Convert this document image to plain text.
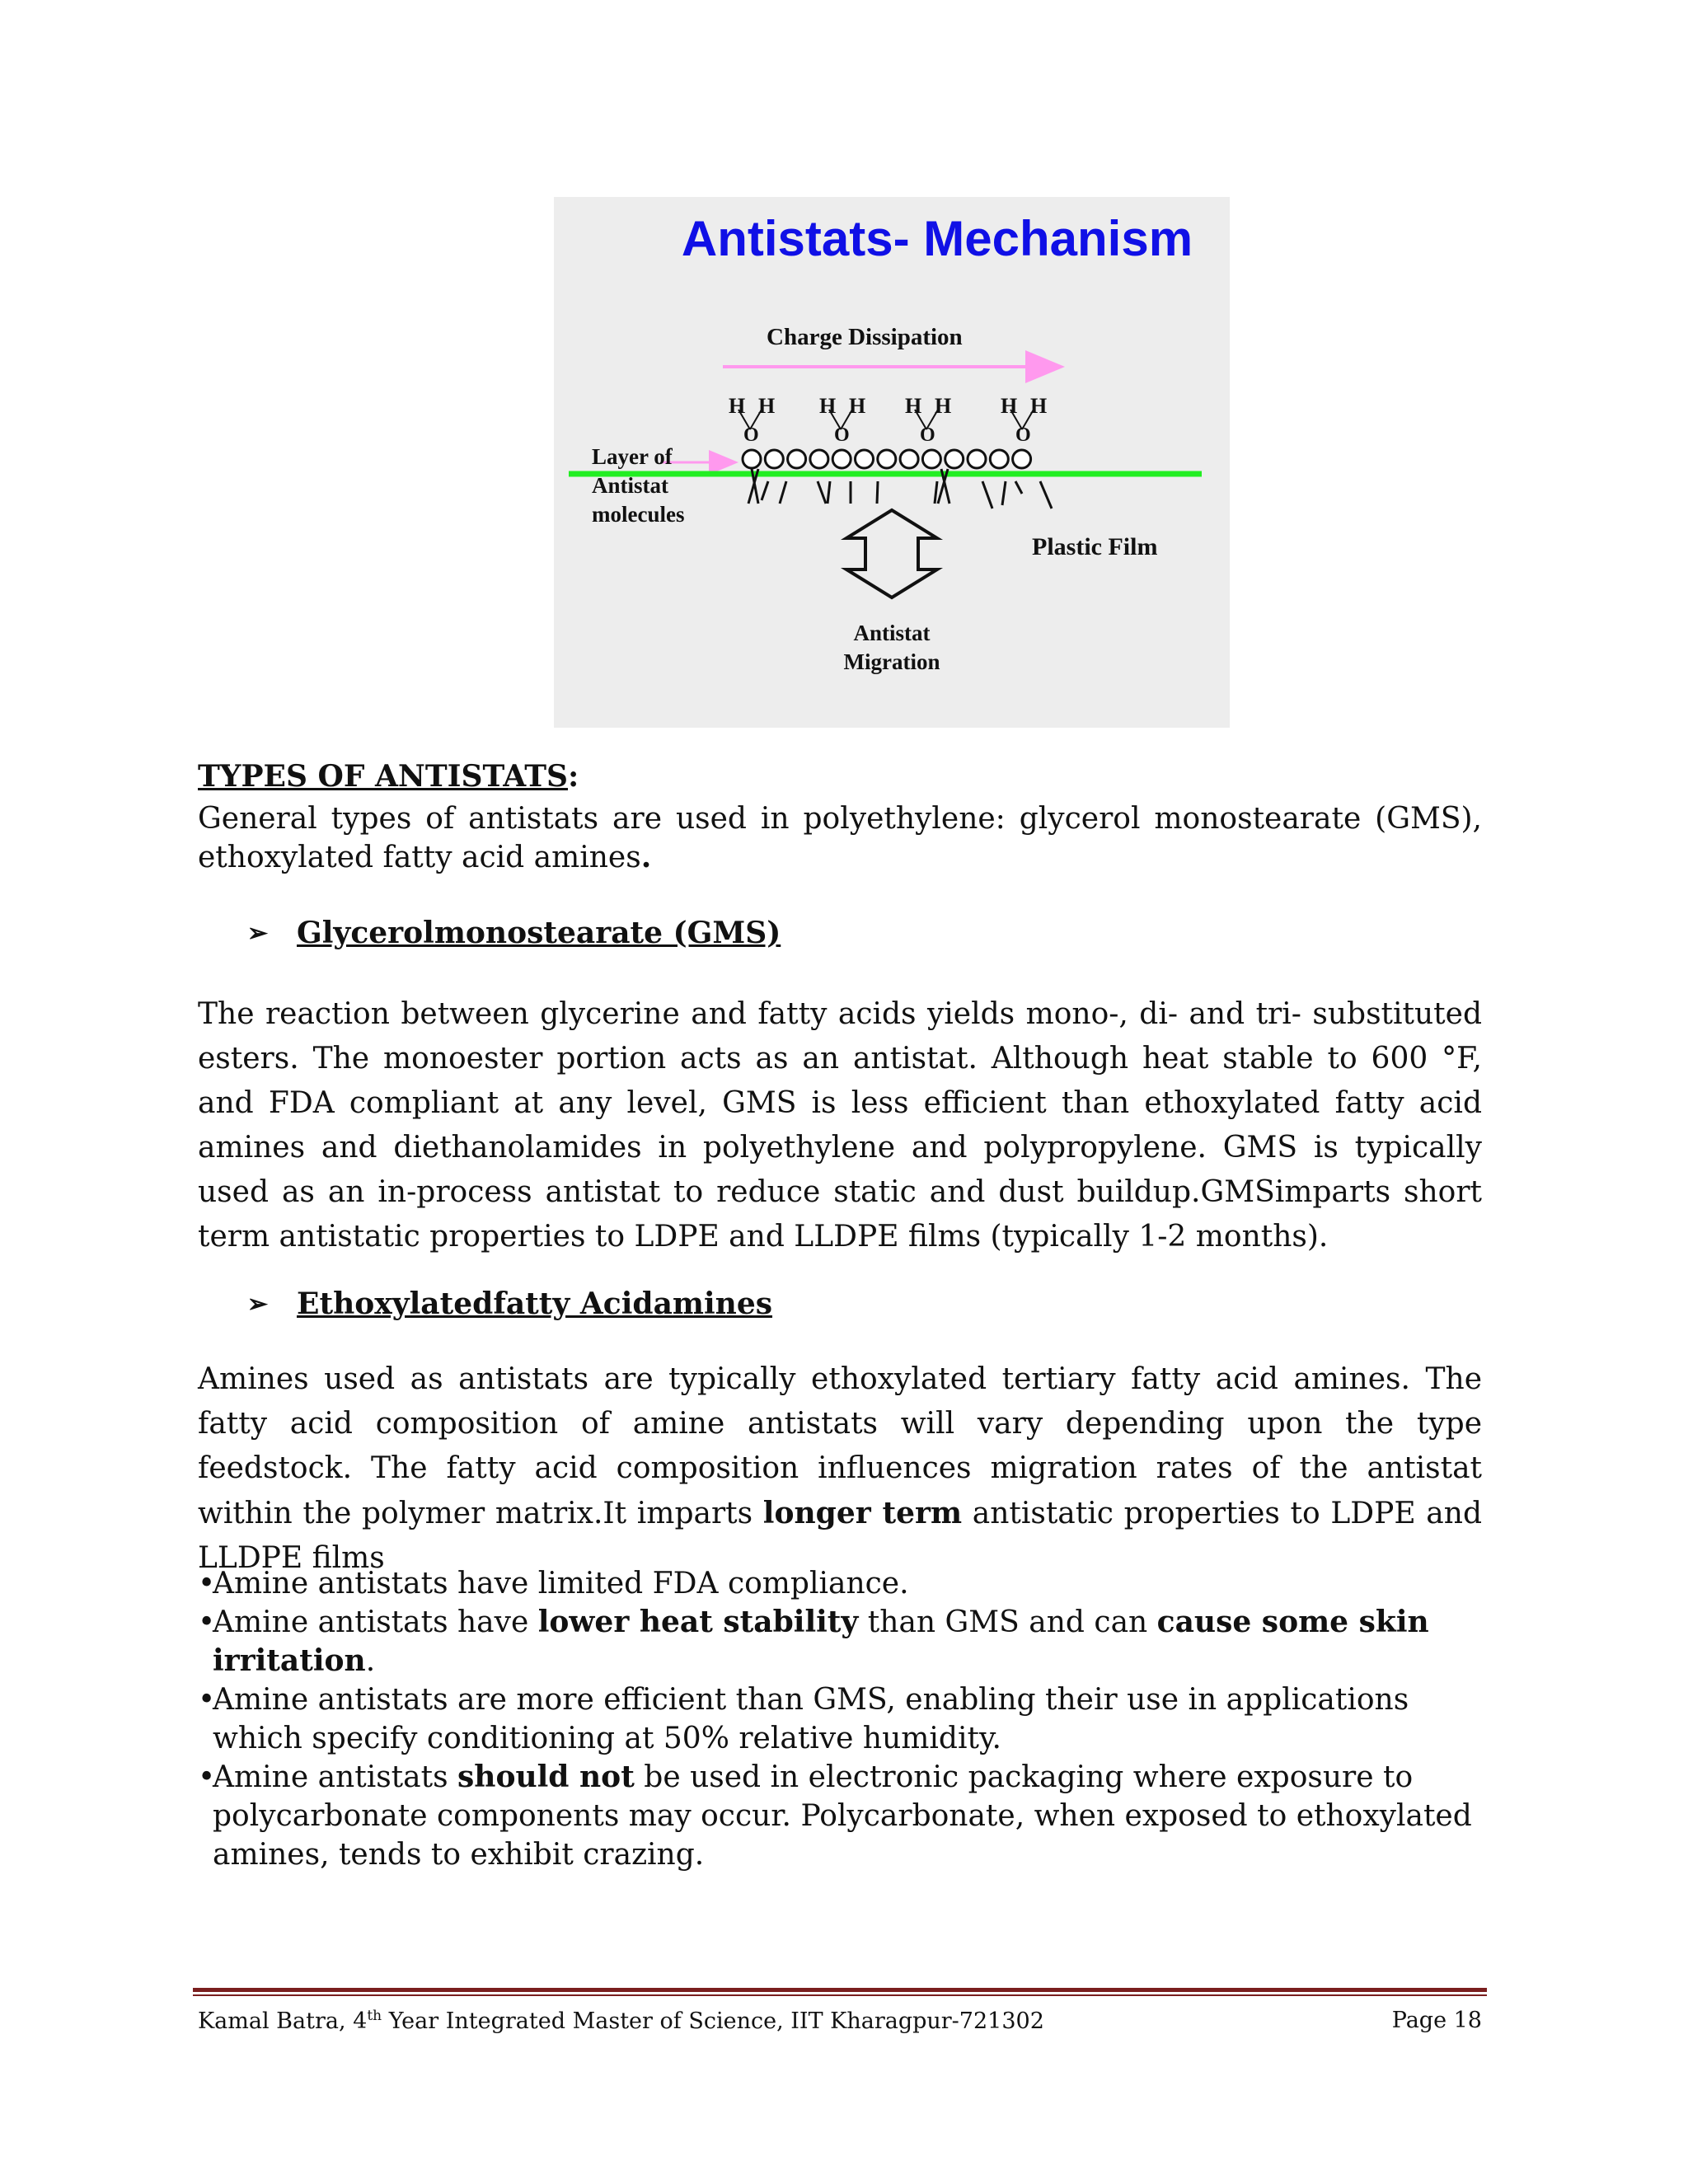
H H
O
H H
O
H H
O
H H
O
Antistats- Mechanism
Charge Dissipation
Layer of
Antistat
molecules
Plastic Film
Antistat
Migration
TYPES OF ANTISTATS:
General types of antistats are used in polyethylene: glycerol monostearate (GMS), ethoxylated fatty acid amines.
➢ Glycerolmonostearate (GMS)
The reaction between glycerine and fatty acids yields mono-, di- and tri- substituted esters. The monoester portion acts as an antistat. Although heat stable to 600 °F, and FDA compliant at any level, GMS is less efficient than ethoxylated fatty acid amines and diethanolamides in polyethylene and polypropylene. GMS is typically used as an in-process antistat to reduce static and dust buildup.GMSimparts short term antistatic properties to LDPE and LLDPE films (typically 1-2 months).
➢ Ethoxylatedfatty Acidamines
Amines used as antistats are typically ethoxylated tertiary fatty acid amines. The fatty acid composition of amine antistats will vary depending upon the type feedstock. The fatty acid composition influences migration rates of the antistat within the polymer matrix.It imparts longer term antistatic properties to LDPE and LLDPE films
•
Amine antistats have limited FDA compliance.
•
Amine antistats have lower heat stability than GMS and can cause some skin irritation.
•
Amine antistats are more efficient than GMS, enabling their use in applications which specify conditioning at 50% relative humidity.
•
Amine antistats should not be used in electronic packaging where exposure to polycarbonate components may occur. Polycarbonate, when exposed to ethoxylated amines, tends to exhibit crazing.
Kamal Batra, 4th Year Integrated Master of Science, IIT Kharagpur-721302	Page 18
